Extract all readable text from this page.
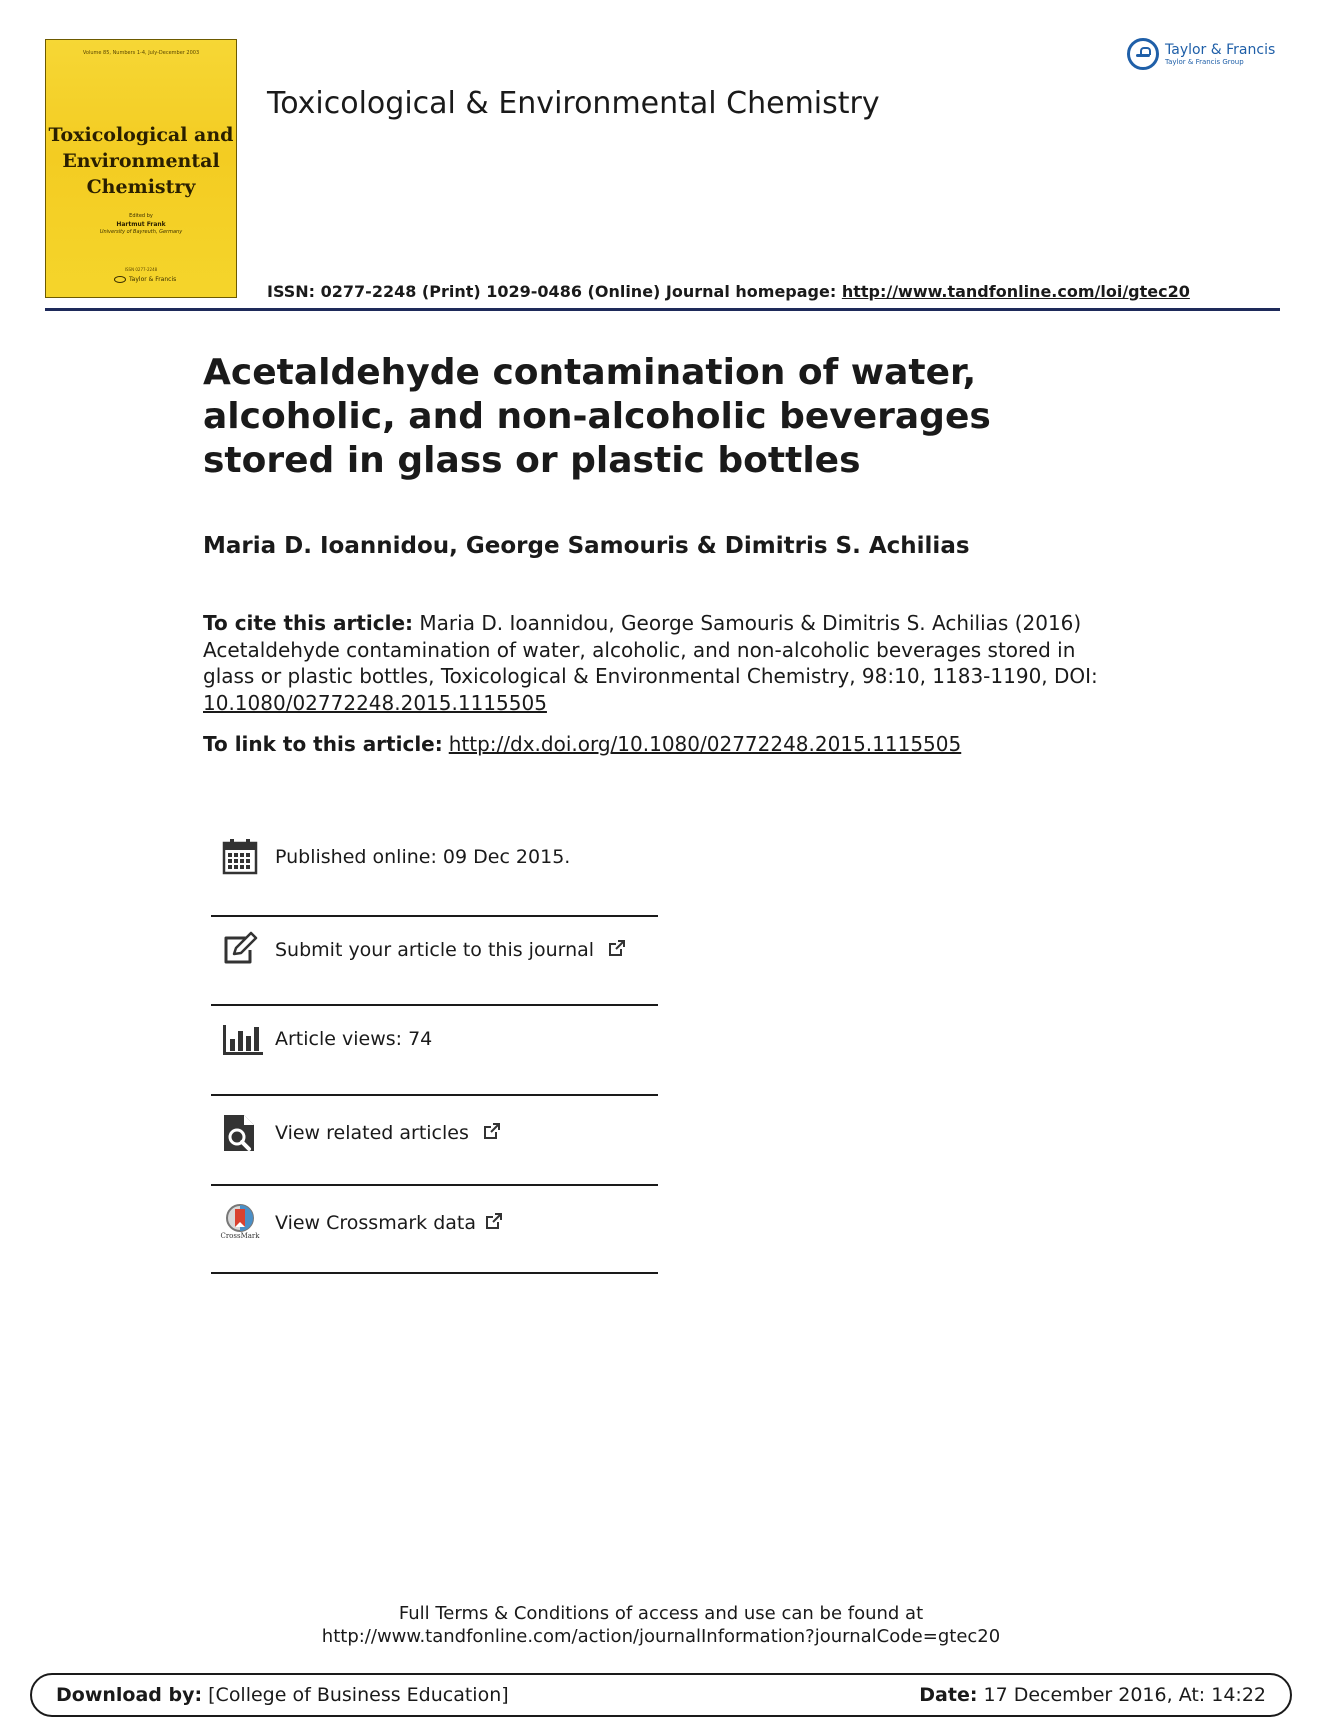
Volume 85, Numbers 1-4, July-December 2003
Toxicological and
Environmental
Chemistry
Edited by
Hartmut Frank
University of Bayreuth, Germany
ISSN 0277-2248
Taylor & Francis
Toxicological & Environmental Chemistry
Taylor & Francis
Taylor & Francis Group
ISSN: 0277-2248 (Print) 1029-0486 (Online) Journal homepage: http://www.tandfonline.com/loi/gtec20
Acetaldehyde contamination of water, alcoholic, and non-alcoholic beverages stored in glass or plastic bottles
Maria D. Ioannidou, George Samouris & Dimitris S. Achilias
To cite this article: Maria D. Ioannidou, George Samouris & Dimitris S. Achilias (2016) Acetaldehyde contamination of water, alcoholic, and non-alcoholic beverages stored in glass or plastic bottles, Toxicological & Environmental Chemistry, 98:10, 1183-1190, DOI: 10.1080/02772248.2015.1115505
To link to this article: http://dx.doi.org/10.1080/02772248.2015.1115505
Published online: 09 Dec 2015.
Submit your article to this journal
Article views: 74
View related articles
CrossMark
View Crossmark data
Full Terms & Conditions of access and use can be found at
http://www.tandfonline.com/action/journalInformation?journalCode=gtec20
Download by: [College of Business Education]	Date: 17 December 2016, At: 14:22
